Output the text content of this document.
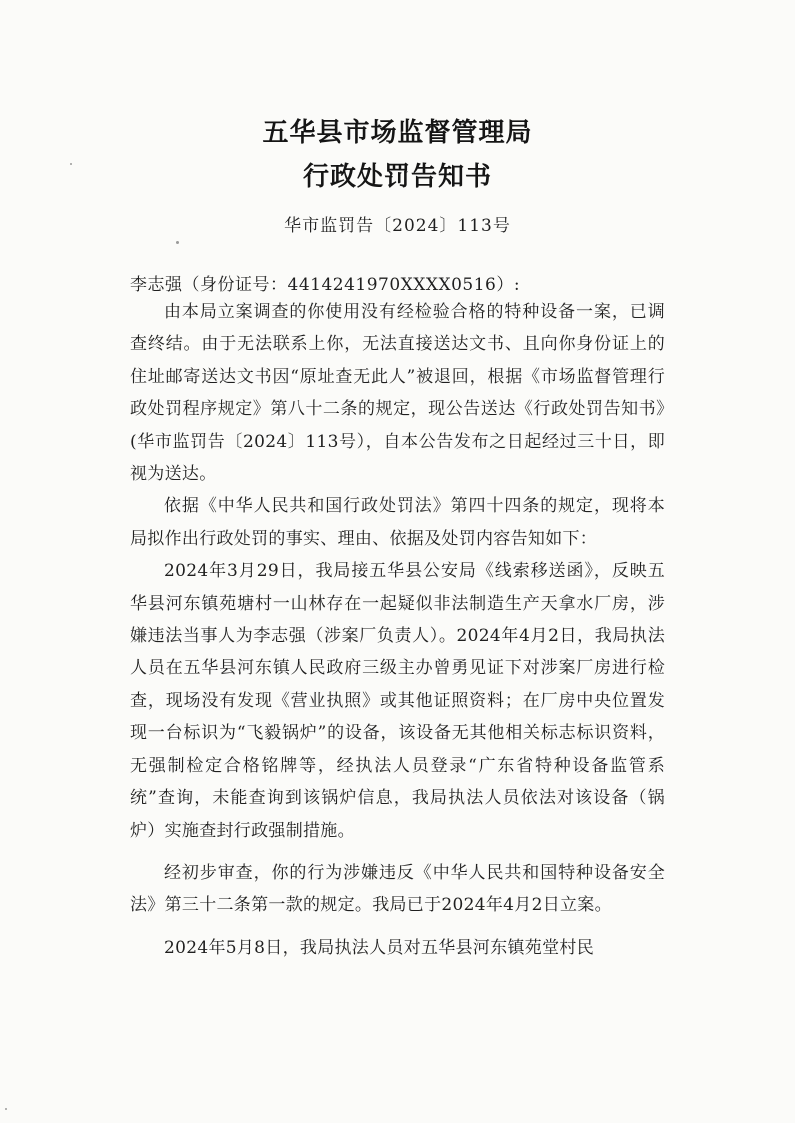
五华县市场监督管理局
行政处罚告知书
华市监罚告〔2024〕113号
李志强（身份证号：4414241970XXXX0516）:

由本局立案调查的你使用没有经检验合格的特种设备一案，已调查终结。由于无法联系上你，无法直接送达文书、且向你身份证上的住址邮寄送达文书因“原址查无此人”被退回，根据《市场监督管理行政处罚程序规定》第八十二条的规定，现公告送达《行政处罚告知书》(华市监罚告〔2024〕113号），自本公告发布之日起经过三十日，即视为送达。

依据《中华人民共和国行政处罚法》第四十四条的规定，现将本局拟作出行政处罚的事实、理由、依据及处罚内容告知如下：

2024年3月29日，我局接五华县公安局《线索移送函》，反映五华县河东镇苑塘村一山林存在一起疑似非法制造生产天拿水厂房，涉嫌违法当事人为李志强（涉案厂负责人）。2024年4月2日，我局执法人员在五华县河东镇人民政府三级主办曾勇见证下对涉案厂房进行检查，现场没有发现《营业执照》或其他证照资料；在厂房中央位置发现一台标识为“飞毅锅炉”的设备，该设备无其他相关标志标识资料，无强制检定合格铭牌等，经执法人员登录“广东省特种设备监管系统”查询，未能查询到该锅炉信息，我局执法人员依法对该设备（锅炉）实施查封行政强制措施。

经初步审查，你的行为涉嫌违反《中华人民共和国特种设备安全法》第三十二条第一款的规定。我局已于2024年4月2日立案。

2024年5月8日，我局执法人员对五华县河东镇苑堂村民
